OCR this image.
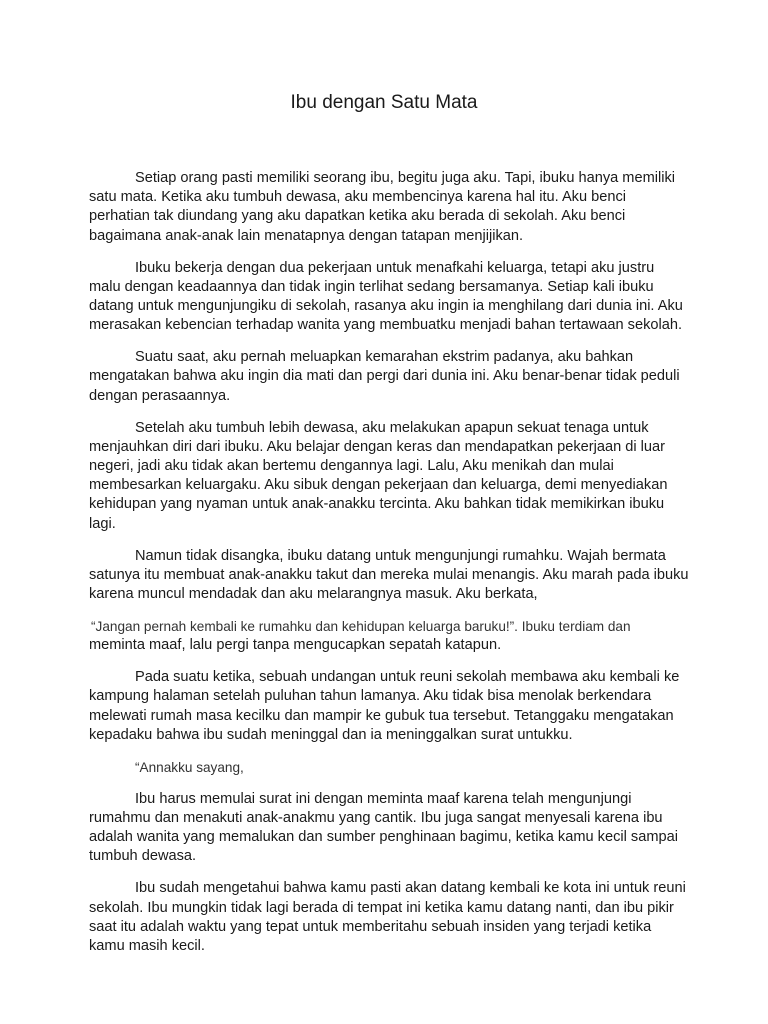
Ibu dengan Satu Mata

Setiap orang pasti memiliki seorang ibu, begitu juga aku. Tapi, ibuku hanya memiliki satu mata. Ketika aku tumbuh dewasa, aku membencinya karena hal itu. Aku benci perhatian tak diundang yang aku dapatkan ketika aku berada di sekolah. Aku benci bagaimana anak-anak lain menatapnya dengan tatapan menjijikan.

Ibuku bekerja dengan dua pekerjaan untuk menafkahi keluarga, tetapi aku justru malu dengan keadaannya dan tidak ingin terlihat sedang bersamanya. Setiap kali ibuku datang untuk mengunjungiku di sekolah, rasanya aku ingin ia menghilang dari dunia ini. Aku merasakan kebencian terhadap wanita yang membuatku menjadi bahan tertawaan sekolah.

Suatu saat, aku pernah meluapkan kemarahan ekstrim padanya, aku bahkan mengatakan bahwa aku ingin dia mati dan pergi dari dunia ini. Aku benar-benar tidak peduli dengan perasaannya.

Setelah aku tumbuh lebih dewasa, aku melakukan apapun sekuat tenaga untuk menjauhkan diri dari ibuku. Aku belajar dengan keras dan mendapatkan pekerjaan di luar negeri, jadi aku tidak akan bertemu dengannya lagi. Lalu, Aku menikah dan mulai membesarkan keluargaku. Aku sibuk dengan pekerjaan dan keluarga, demi menyediakan kehidupan yang nyaman untuk anak-anakku tercinta. Aku bahkan tidak memikirkan ibuku lagi.

Namun tidak disangka, ibuku datang untuk mengunjungi rumahku. Wajah bermata satunya itu membuat anak-anakku takut dan mereka mulai menangis. Aku marah pada ibuku karena muncul mendadak dan aku melarangnya masuk. Aku berkata,

“Jangan pernah kembali ke rumahku dan kehidupan keluarga baruku!”. Ibuku terdiam dan
meminta maaf, lalu pergi tanpa mengucapkan sepatah katapun.

Pada suatu ketika, sebuah undangan untuk reuni sekolah membawa aku kembali ke kampung halaman setelah puluhan tahun lamanya. Aku tidak bisa menolak berkendara melewati rumah masa kecilku dan mampir ke gubuk tua tersebut. Tetanggaku mengatakan kepadaku bahwa ibu sudah meninggal dan ia meninggalkan surat untukku.

“Annakku sayang,

Ibu harus memulai surat ini dengan meminta maaf karena telah mengunjungi rumahmu dan menakuti anak-anakmu yang cantik. Ibu juga sangat menyesali karena ibu adalah wanita yang memalukan dan sumber penghinaan bagimu, ketika kamu kecil sampai tumbuh dewasa.

Ibu sudah mengetahui bahwa kamu pasti akan datang kembali ke kota ini untuk reuni sekolah. Ibu mungkin tidak lagi berada di tempat ini ketika kamu datang nanti, dan ibu pikir saat itu adalah waktu yang tepat untuk memberitahu sebuah insiden yang terjadi ketika kamu masih kecil.
